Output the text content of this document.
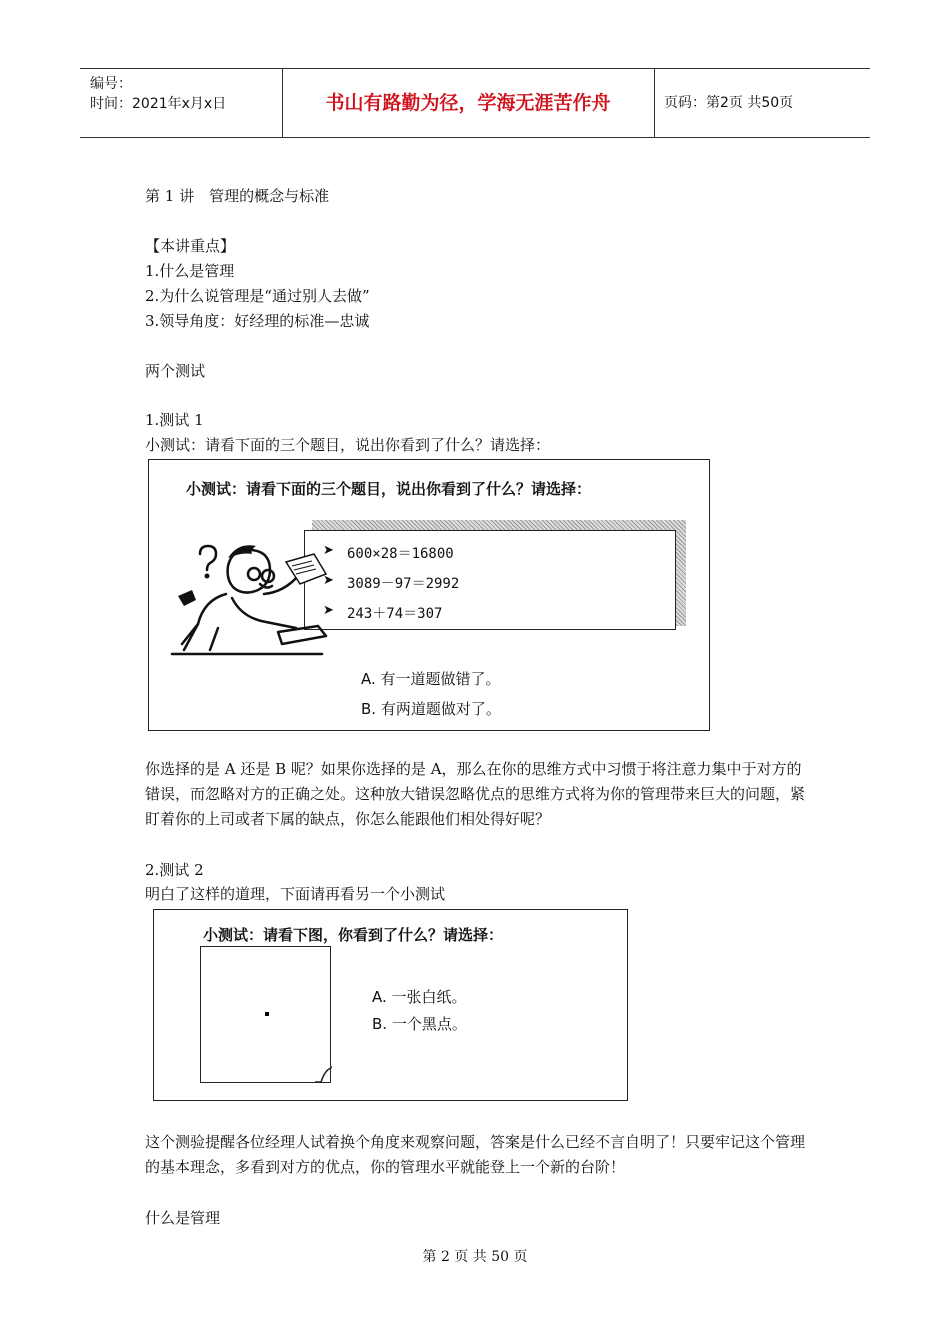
编号：
时间：2021年x月x日	书山有路勤为径，学海无涯苦作舟	页码：第2页 共50页
第 1 讲　管理的概念与标准
【本讲重点】
1.什么是管理
2.为什么说管理是“通过别人去做”
3.领导角度：好经理的标准—忠诚
两个测试
1.测试 1
小测试：请看下面的三个题目，说出你看到了什么？请选择：
小测试：请看下面的三个题目，说出你看到了什么？请选择：
➤ 600×28＝16800
➤ 3089－97＝2992
➤ 243＋74＝307
A. 有一道题做错了。
B. 有两道题做对了。
你选择的是 A 还是 B 呢？如果你选择的是 A，那么在你的思维方式中习惯于将注意力集中于对方的错误，而忽略对方的正确之处。这种放大错误忽略优点的思维方式将为你的管理带来巨大的问题，紧盯着你的上司或者下属的缺点，你怎么能跟他们相处得好呢？
2.测试 2
明白了这样的道理，下面请再看另一个小测试
小测试：请看下图，你看到了什么？请选择：
A. 一张白纸。
B. 一个黑点。
这个测验提醒各位经理人试着换个角度来观察问题，答案是什么已经不言自明了！只要牢记这个管理的基本理念，多看到对方的优点，你的管理水平就能登上一个新的台阶！
什么是管理
第 2 页 共 50 页
